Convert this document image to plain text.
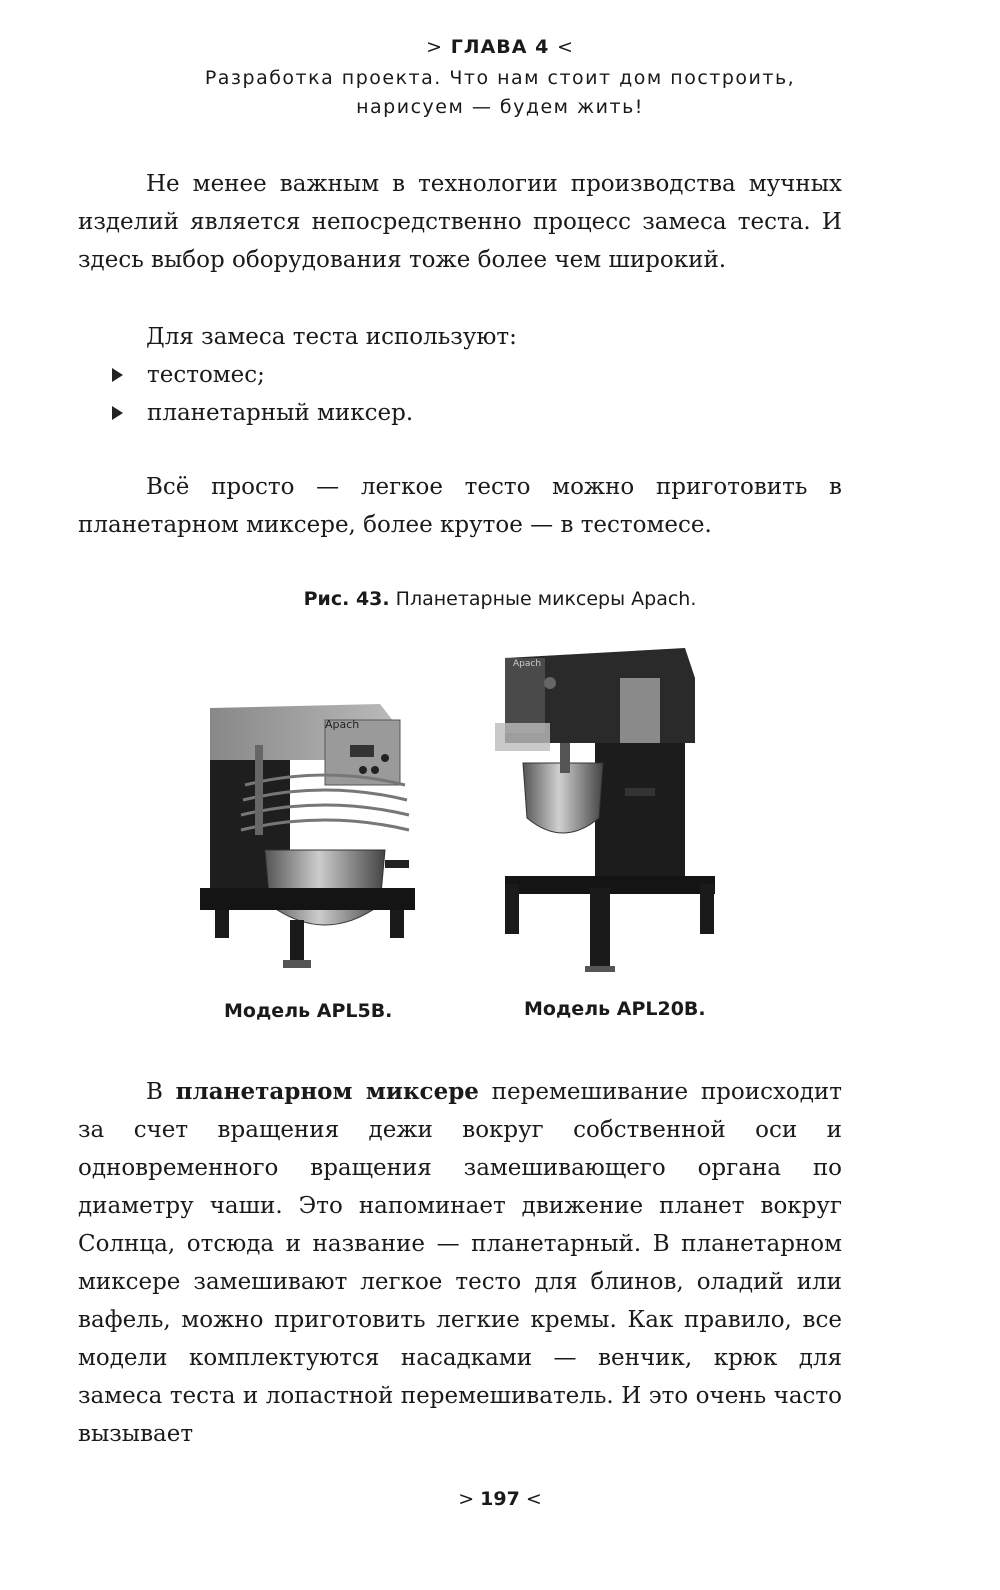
> ГЛАВА 4 <
Разработка проекта. Что нам стоит дом построить,
нарисуем — будем жить!
Не менее важным в технологии производства мучных изделий является непосредственно процесс замеса теста. И здесь выбор оборудования тоже более чем широкий.
Для замеса теста используют:
тестомес;
планетарный миксер.
Всё просто — легкое тесто можно приготовить в планетарном миксере, более крутое — в тестомесе.
Рис. 43. Планетарные миксеры Apach.
Apach
Apach
Модель APL5B.	Модель APL20B.
В планетарном миксере перемешивание происходит за счет вращения дежи вокруг собственной оси и одновременного вращения замешивающего органа по диаметру чаши. Это напоминает движение планет вокруг Солнца, отсюда и название — планетарный. В планетарном миксере замешивают легкое тесто для блинов, оладий или вафель, можно приготовить легкие кремы. Как правило, все модели комплектуются насадками — венчик, крюк для замеса теста и лопастной перемешиватель. И это очень часто вызывает
> 197 <
